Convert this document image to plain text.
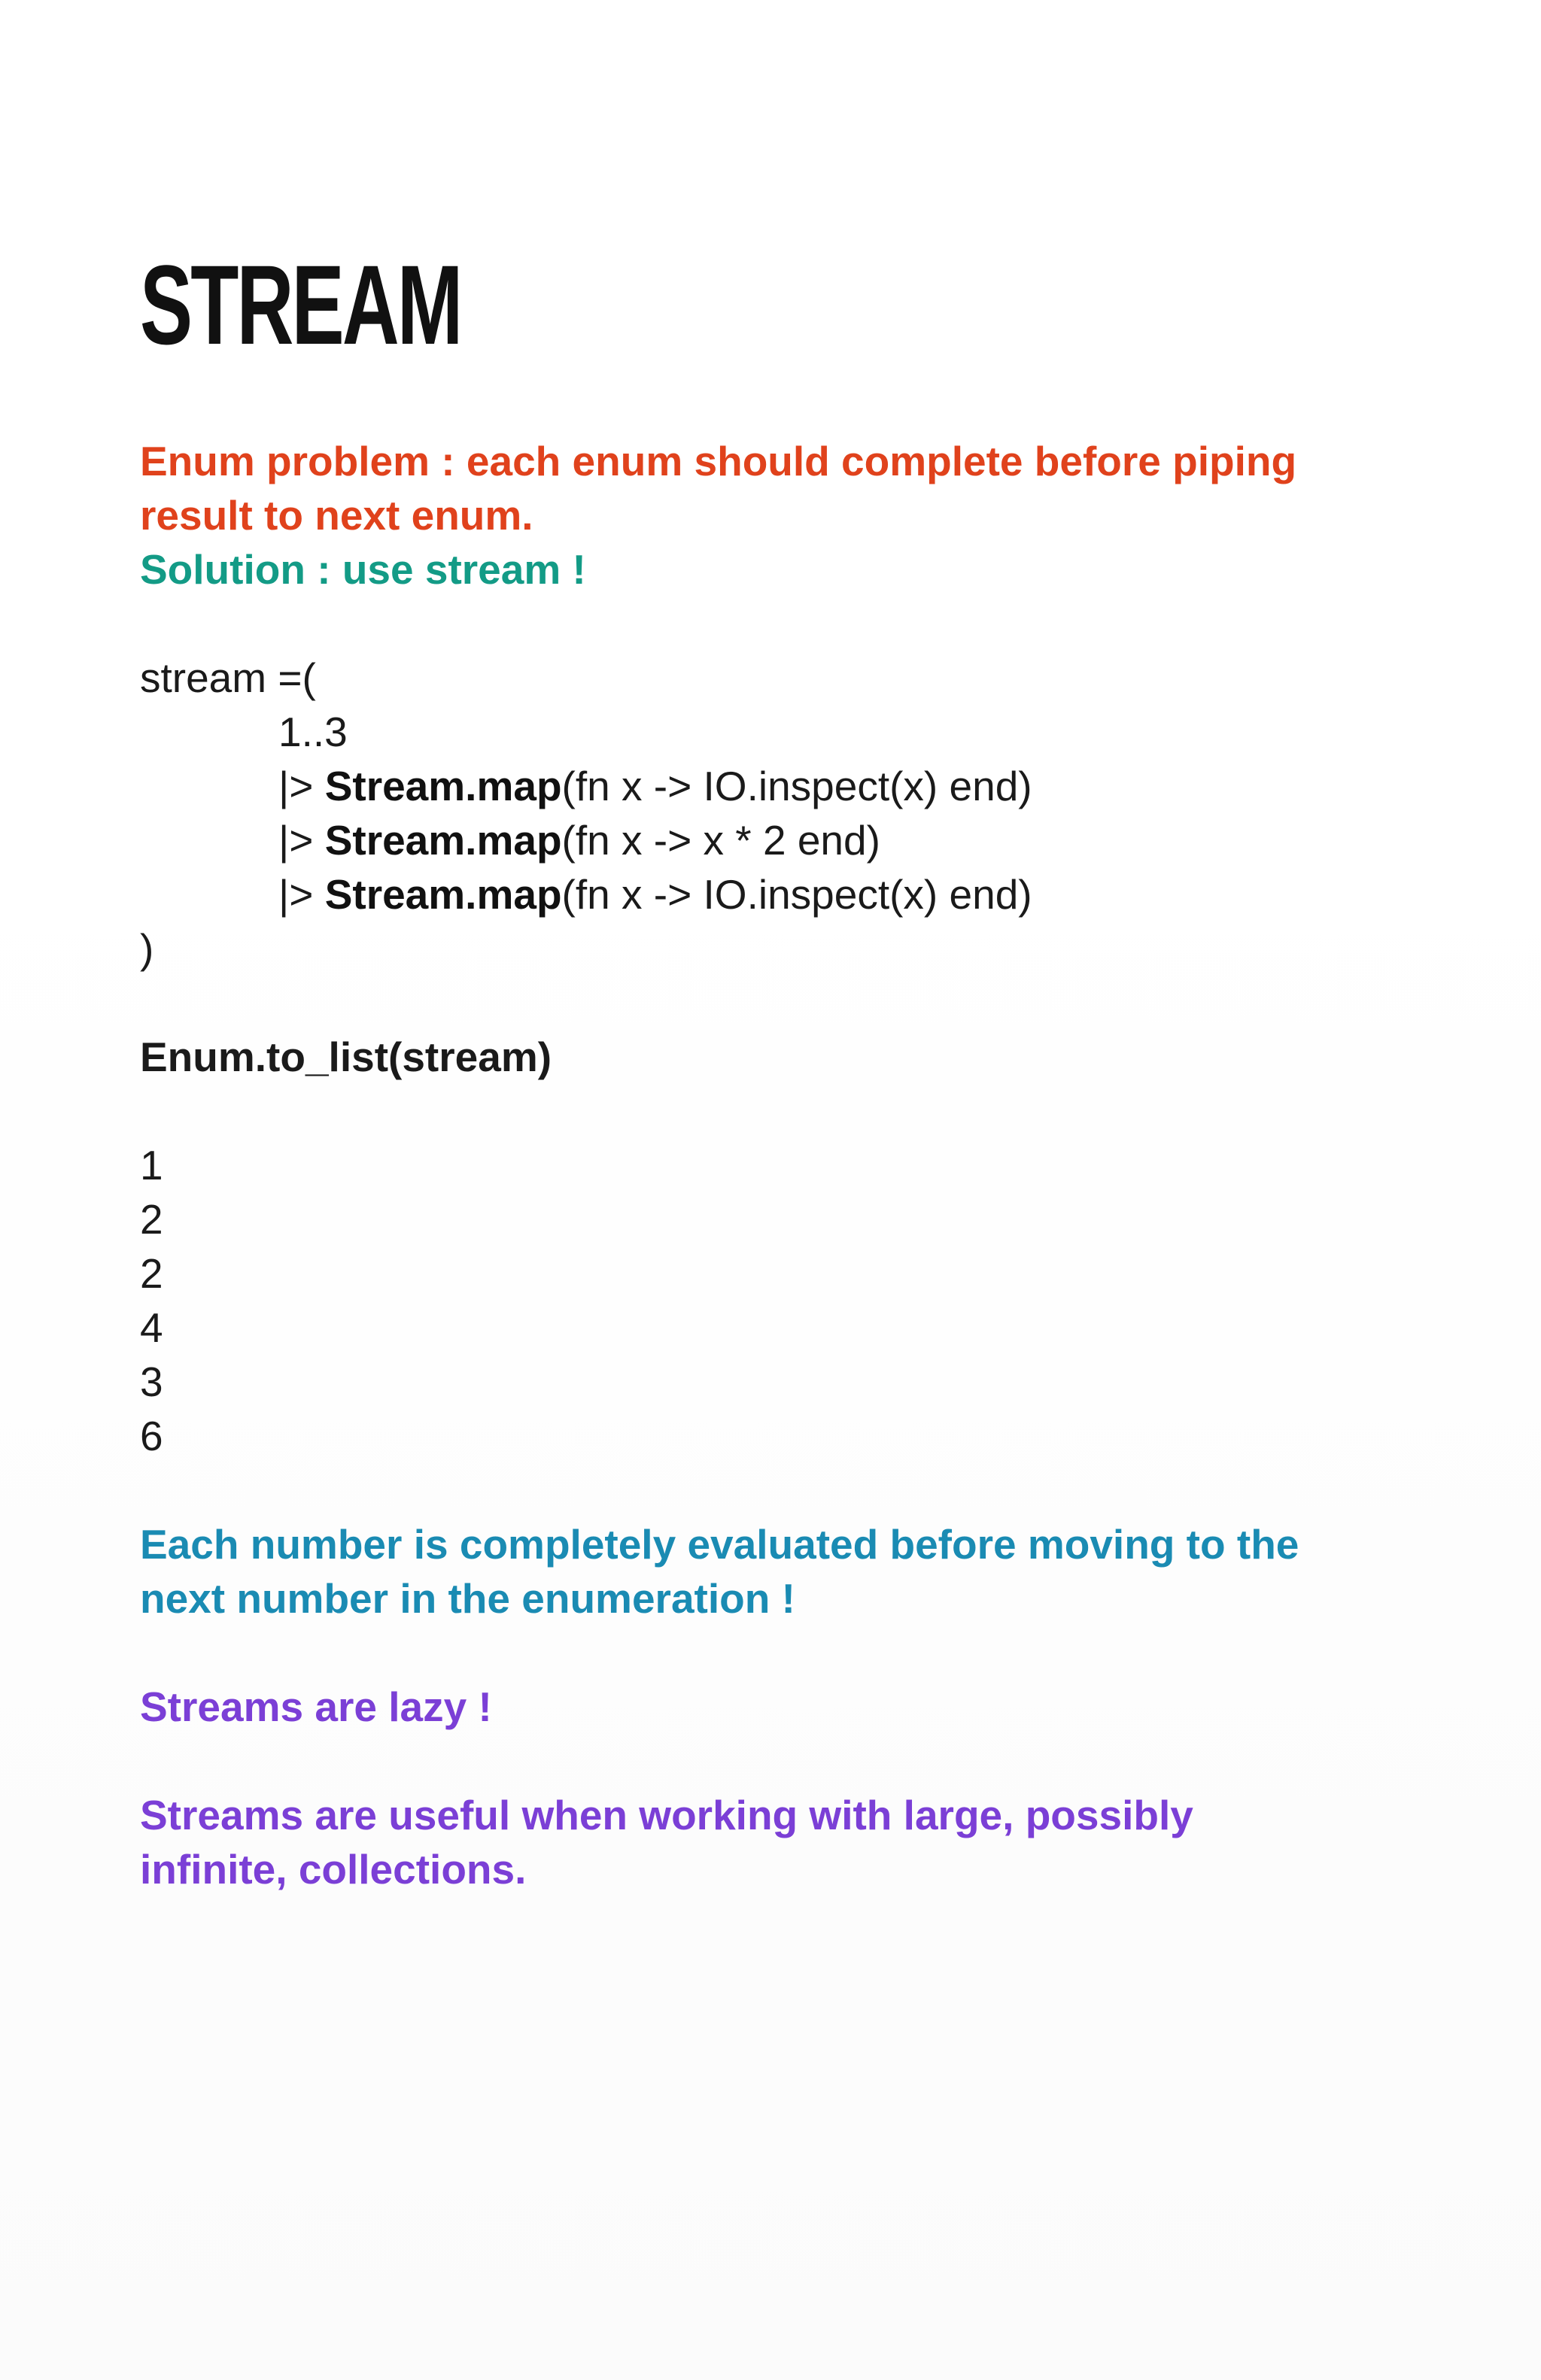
STREAM
Enum problem : each enum should complete before piping
result to next enum.
Solution : use stream !
stream =(
1..3
|> Stream.map(fn x -> IO.inspect(x) end)
|> Stream.map(fn x -> x * 2 end)
|> Stream.map(fn x -> IO.inspect(x) end)
)
Enum.to_list(stream)
1
2
2
4
3
6
Each number is completely evaluated before moving to the
next number in the enumeration !
Streams are lazy !
Streams are useful when working with large, possibly
infinite, collections.
